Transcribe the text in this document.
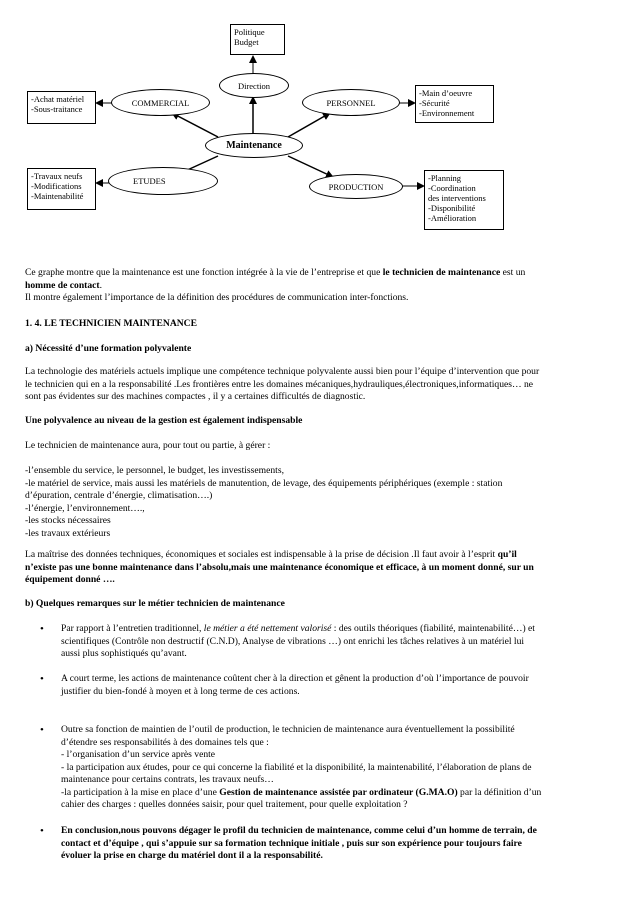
Politique
Budget
Direction
COMMERCIAL	PERSONNEL
Maintenance
ETUDES
PRODUCTION
-Achat matériel
-Sous-traitance
-Main d’oeuvre
-Sécurité
-Environnement
-Travaux neufs
-Modifications
-Maintenabilité
-Planning
-Coordination
des interventions
-Disponibilité
-Amélioration
Ce graphe montre que la maintenance est une fonction intégrée à la vie de l’entreprise et que le technicien de maintenance est un
homme de contact.
Il montre également l’importance de la définition des procédures de communication inter-fonctions.
1. 4. LE TECHNICIEN MAINTENANCE
a) Nécessité d’une formation polyvalente
La technologie des matériels actuels implique une compétence technique polyvalente aussi bien pour l’équipe d’intervention que pour
le technicien qui en a la responsabilité .Les frontières entre les domaines mécaniques,hydrauliques,électroniques,informatiques… ne
sont pas évidentes sur des machines compactes , il y a certaines difficultés de diagnostic.
Une polyvalence au niveau de la gestion est également indispensable
Le technicien de maintenance aura, pour tout ou partie, à gérer :
-l’ensemble du service, le personnel, le budget, les investissements,
-le matériel de service, mais aussi les matériels de manutention, de levage, des équipements périphériques (exemple : station
d’épuration, centrale d’énergie, climatisation….)
-l’énergie, l’environnement….,
-les stocks nécessaires
-les travaux extérieurs
La maîtrise des données techniques, économiques et sociales est indispensable à la prise de décision .Il faut avoir à l’esprit qu’il
n’existe pas une bonne maintenance dans l’absolu,mais une maintenance économique et efficace, à un moment donné, sur un
équipement donné ….
b) Quelques remarques sur le métier technicien de maintenance
• Par rapport à l’entretien traditionnel, le métier a été nettement valorisé : des outils théoriques (fiabilité, maintenabilité…) et
scientifiques (Contrôle non destructif (C.N.D), Analyse de vibrations …) ont enrichi les tâches relatives à un matériel lui
aussi plus sophistiqués qu’avant.
• A court terme, les actions de maintenance coûtent cher à la direction et gênent la production d’où l’importance de pouvoir
justifier du bien-fondé à moyen et à long terme de ces actions.
• Outre sa fonction de maintien de l’outil de production, le technicien de maintenance aura éventuellement la possibilité
d’étendre ses responsabilités à des domaines tels que :
- l’organisation d’un service après vente
- la participation aux études, pour ce qui concerne la fiabilité et la disponibilité, la maintenabilité, l’élaboration de plans de
maintenance pour certains contrats, les travaux neufs…
-la participation à la mise en place d’une Gestion de maintenance assistée par ordinateur (G.MA.O) par la définition d’un
cahier des charges : quelles données saisir, pour quel traitement, pour quelle exploitation ?
• En conclusion,nous pouvons dégager le profil du technicien de maintenance, comme celui d’un homme de terrain, de
contact et d’équipe , qui s’appuie sur sa formation technique initiale , puis sur son expérience pour toujours faire
évoluer la prise en charge du matériel dont il a la responsabilité.
